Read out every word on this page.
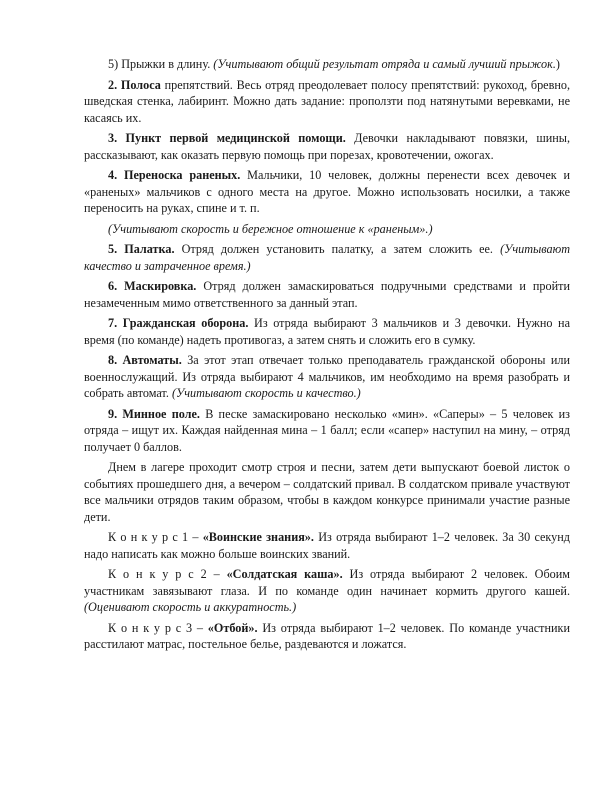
5) Прыжки в длину. (Учитывают общий результат отряда и самый лучший прыжок.)

2. Полоса препятствий. Весь отряд преодолевает полосу препятствий: рукоход, бревно, шведская стенка, лабиринт. Можно дать задание: проползти под натянутыми веревками, не касаясь их.

3. Пункт первой медицинской помощи. Девочки накладывают повязки, шины, рассказывают, как оказать первую помощь при порезах, кровотечении, ожогах.

4. Переноска раненых. Мальчики, 10 человек, должны перенести всех девочек и «раненых» мальчиков с одного места на другое. Можно использовать носилки, а также переносить на руках, спине и т. п.

(Учитывают скорость и бережное отношение к «раненым».)

5. Палатка. Отряд должен установить палатку, а затем сложить ее. (Учитывают качество и затраченное время.)

6. Маскировка. Отряд должен замаскироваться подручными средствами и пройти незамеченным мимо ответственного за данный этап.

7. Гражданская оборона. Из отряда выбирают 3 мальчиков и 3 девочки. Нужно на время (по команде) надеть противогаз, а затем снять и сложить его в сумку.

8. Автоматы. За этот этап отвечает только преподаватель гражданской обороны или военнослужащий. Из отряда выбирают 4 мальчиков, им необходимо на время разобрать и собрать автомат. (Учитывают скорость и качество.)

9. Минное поле. В песке замаскировано несколько «мин». «Саперы» – 5 человек из отряда – ищут их. Каждая найденная мина – 1 балл; если «сапер» наступил на мину, – отряд получает 0 баллов.

Днем в лагере проходит смотр строя и песни, затем дети выпускают боевой листок о событиях прошедшего дня, а вечером – солдатский привал. В солдатском привале участвуют все мальчики отрядов таким образом, чтобы в каждом конкурсе принимали участие разные дети.

К о н к у р с 1 – «Воинские знания». Из отряда выбирают 1–2 человек. За 30 секунд надо написать как можно больше воинских званий.

К о н к у р с 2 – «Солдатская каша». Из отряда выбирают 2 человек. Обоим участникам завязывают глаза. И по команде один начинает кормить другого кашей. (Оценивают скорость и аккуратность.)

К о н к у р с 3 – «Отбой». Из отряда выбирают 1–2 человек. По команде участники расстилают матрас, постельное белье, раздеваются и ложатся.
